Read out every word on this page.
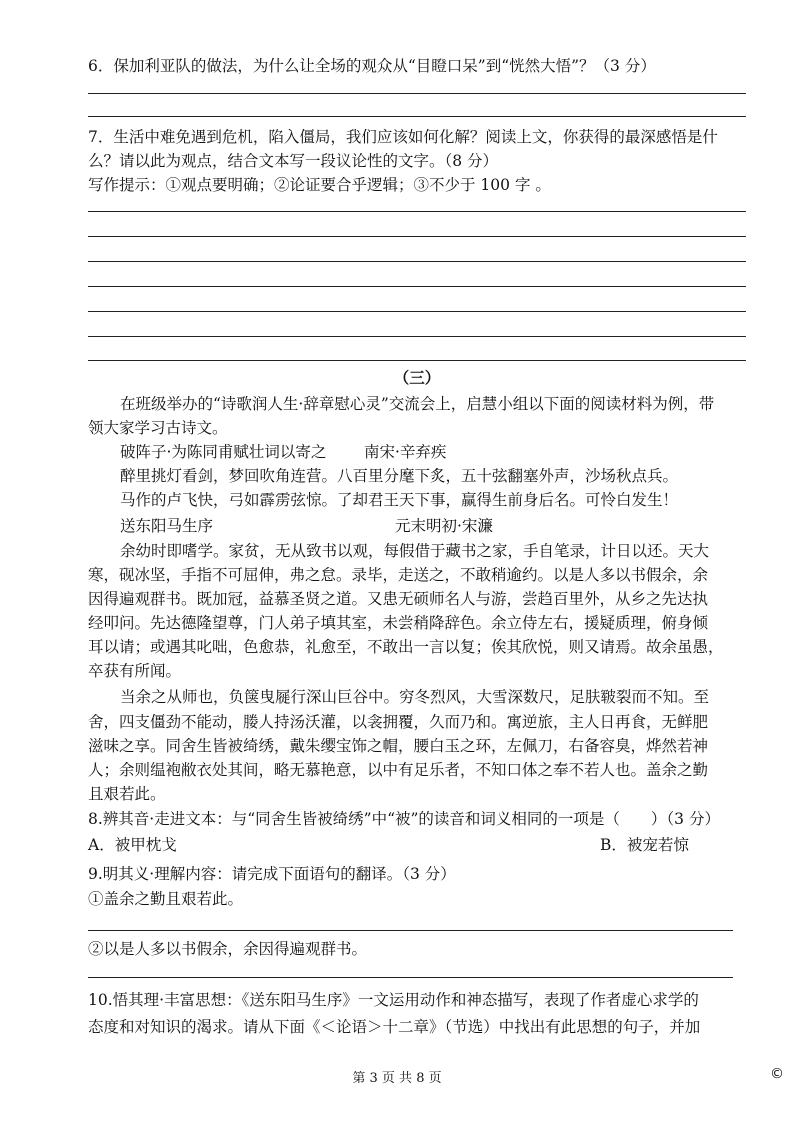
6．保加利亚队的做法，为什么让全场的观众从“目瞪口呆”到“恍然大悟”？（3 分）
7．生活中难免遇到危机，陷入僵局，我们应该如何化解？阅读上文，你获得的最深感悟是什
么？请以此为观点，结合文本写一段议论性的文字。（8 分）
写作提示：①观点要明确；②论证要合乎逻辑；③不少于 100 字 。
（三）
在班级举办的“诗歌润人生·辞章慰心灵”交流会上，启慧小组以下面的阅读材料为例，带
领大家学习古诗文。
破阵子·为陈同甫赋壮词以寄之 南宋·辛弃疾
醉里挑灯看剑，梦回吹角连营。八百里分麾下炙，五十弦翻塞外声，沙场秋点兵。
马作的卢飞快，弓如霹雳弦惊。了却君王天下事，赢得生前身后名。可怜白发生！
送东阳马生序	元末明初·宋濂
余幼时即嗜学。家贫，无从致书以观，每假借于藏书之家，手自笔录，计日以还。天大
寒，砚冰坚，手指不可屈伸，弗之怠。录毕，走送之，不敢稍逾约。以是人多以书假余，余
因得遍观群书。既加冠，益慕圣贤之道。又患无硕师名人与游，尝趋百里外，从乡之先达执
经叩问。先达德隆望尊，门人弟子填其室，未尝稍降辞色。余立侍左右，援疑质理，俯身倾
耳以请；或遇其叱咄，色愈恭，礼愈至，不敢出一言以复；俟其欣悦，则又请焉。故余虽愚，
卒获有所闻。
当余之从师也，负箧曳屣行深山巨谷中。穷冬烈风，大雪深数尺，足肤皲裂而不知。至
舍，四支僵劲不能动，媵人持汤沃灌，以衾拥覆，久而乃和。寓逆旅，主人日再食，无鲜肥
滋味之享。同舍生皆被绮绣，戴朱缨宝饰之帽，腰白玉之环，左佩刀，右备容臭，烨然若神
人；余则缊袍敝衣处其间，略无慕艳意，以中有足乐者，不知口体之奉不若人也。盖余之勤
且艰若此。
8.辨其音·走进文本：与“同舍生皆被绮绣”中“被”的读音和词义相同的一项是（　　）（3 分）
A．被甲枕戈	B．被宠若惊
9.明其义·理解内容：请完成下面语句的翻译。（3 分）
①盖余之勤且艰若此。
②以是人多以书假余，余因得遍观群书。
10.悟其理·丰富思想：《送东阳马生序》一文运用动作和神态描写，表现了作者虚心求学的
态度和对知识的渴求。请从下面《＜论语＞十二章》（节选）中找出有此思想的句子，并加
第 3 页 共 8 页	©
